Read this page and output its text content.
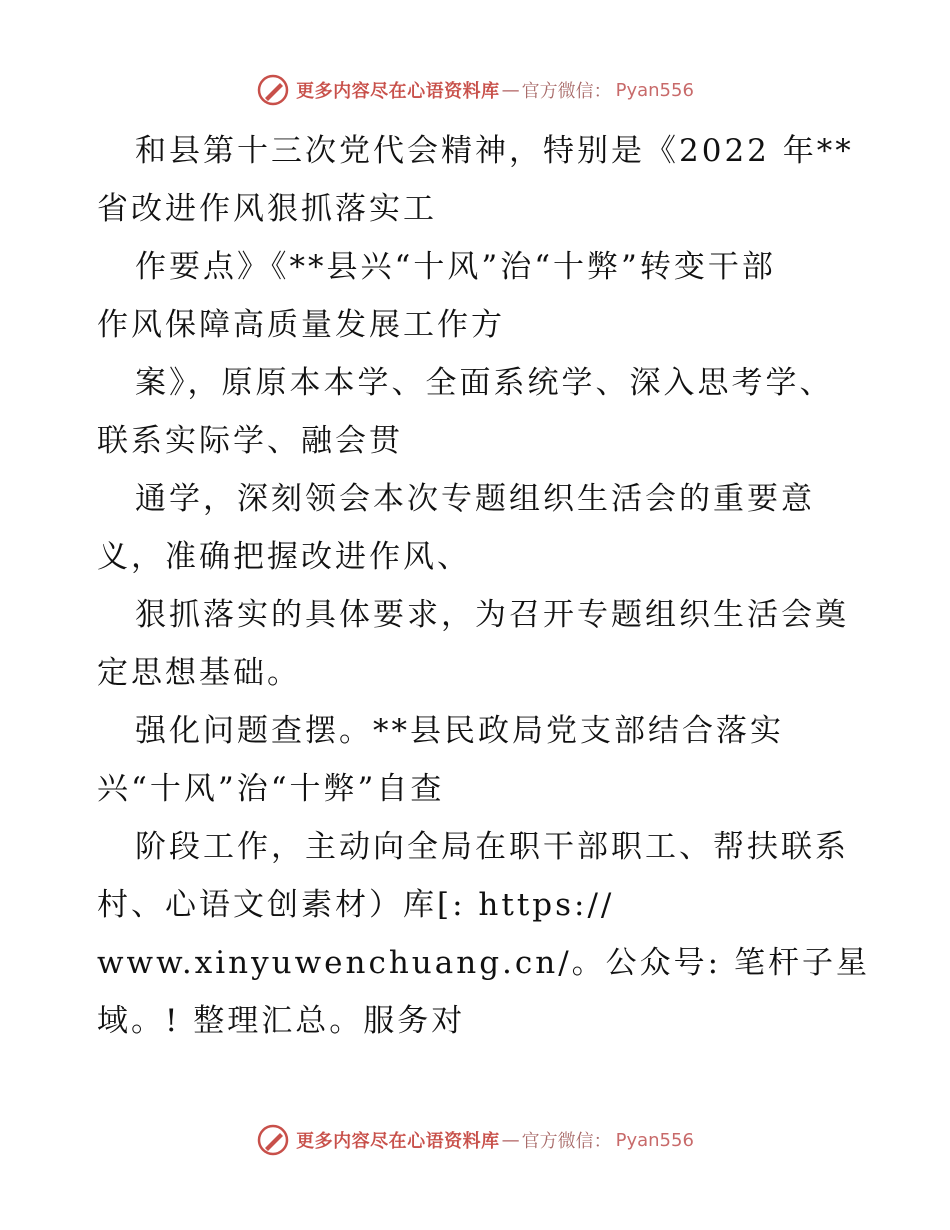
更多内容尽在心语资料库 — 官方微信 ： Pyan556
和县第十三次党代会精神，特别是《2022 年**
省改进作风狠抓落实工
作要点》《**县兴“十风”治“十弊”转变干部
作风保障高质量发展工作方
案》，原原本本学、全面系统学、深入思考学、
联系实际学、融会贯
通学，深刻领会本次专题组织生活会的重要意
义，准确把握改进作风、
狠抓落实的具体要求，为召开专题组织生活会奠
定思想基础。
强化问题查摆。**县民政局党支部结合落实
兴“十风”治“十弊”自查
阶段工作，主动向全局在职干部职工、帮扶联系
村、心语文创素材）库[: https://
www.xinyuwenchuang.cn/。公众号: 笔杆子星
域。! 整理汇总。服务对
更多内容尽在心语资料库 — 官方微信 ： Pyan556
